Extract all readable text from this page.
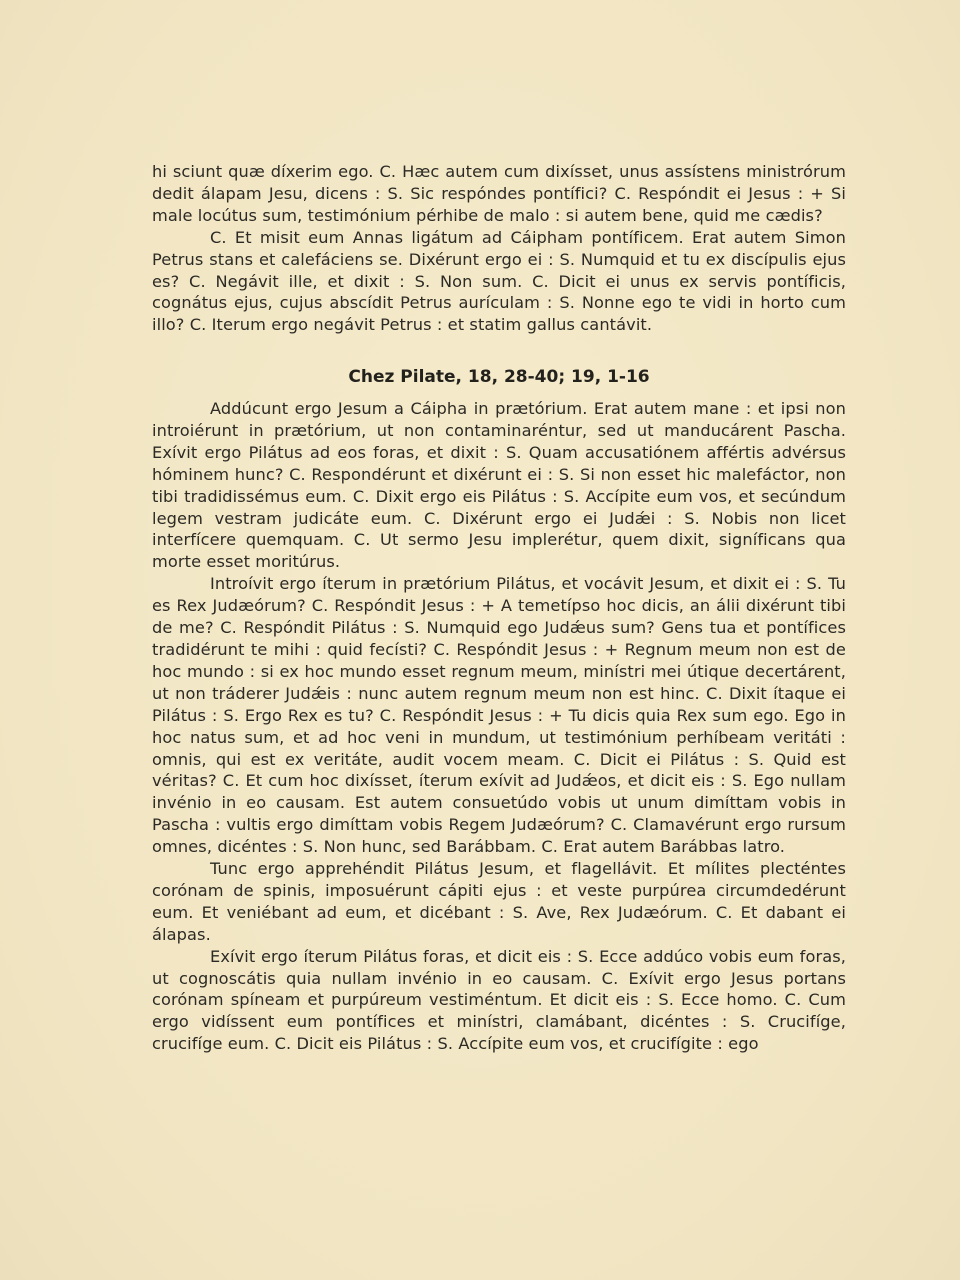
hi sciunt quæ díxerim ego. C. Hæc autem cum dixísset, unus assístens ministrórum dedit álapam Jesu, dicens : S. Sic respóndes pontífici? C. Respóndit ei Jesus : + Si male locútus sum, testimónium pérhibe de malo : si autem bene, quid me cædis?

C. Et misit eum Annas ligátum ad Cáipham pontíficem. Erat autem Simon Petrus stans et calefáciens se. Dixérunt ergo ei : S. Numquid et tu ex discípulis ejus es? C. Negávit ille, et dixit : S. Non sum. C. Dicit ei unus ex servis pontíficis, cognátus ejus, cujus abscídit Petrus aurículam : S. Nonne ego te vidi in horto cum illo? C. Iterum ergo negávit Petrus : et statim gallus cantávit.

Chez Pilate, 18, 28-40; 19, 1-16

Addúcunt ergo Jesum a Cáipha in prætórium. Erat autem mane : et ipsi non introiérunt in prætórium, ut non contaminaréntur, sed ut manducárent Pascha. Exívit ergo Pilátus ad eos foras, et dixit : S. Quam accusatiónem affértis advérsus hóminem hunc? C. Respondérunt et dixérunt ei : S. Si non esset hic malefáctor, non tibi tradidissémus eum. C. Dixit ergo eis Pilátus : S. Accípite eum vos, et secúndum legem vestram judicáte eum. C. Dixérunt ergo ei Judǽi : S. Nobis non licet interfícere quemquam. C. Ut sermo Jesu implerétur, quem dixit, signíficans qua morte esset moritúrus.

Introívit ergo íterum in prætórium Pilátus, et vocávit Jesum, et dixit ei : S. Tu es Rex Judæórum? C. Respóndit Jesus : + A temetípso hoc dicis, an álii dixérunt tibi de me? C. Respóndit Pilátus : S. Numquid ego Judǽus sum? Gens tua et pontífices tradidérunt te mihi : quid fecísti? C. Respóndit Jesus : + Regnum meum non est de hoc mundo : si ex hoc mundo esset regnum meum, minístri mei útique decertárent, ut non tráderer Judǽis : nunc autem regnum meum non est hinc. C. Dixit ítaque ei Pilátus : S. Ergo Rex es tu? C. Respóndit Jesus : + Tu dicis quia Rex sum ego. Ego in hoc natus sum, et ad hoc veni in mundum, ut testimónium perhíbeam veritáti : omnis, qui est ex veritáte, audit vocem meam. C. Dicit ei Pilátus : S. Quid est véritas? C. Et cum hoc dixísset, íterum exívit ad Judǽos, et dicit eis : S. Ego nullam invénio in eo causam. Est autem consuetúdo vobis ut unum dimíttam vobis in Pascha : vultis ergo dimíttam vobis Regem Judæórum? C. Clamavérunt ergo rursum omnes, dicéntes : S. Non hunc, sed Barábbam. C. Erat autem Barábbas latro.

Tunc ergo apprehéndit Pilátus Jesum, et flagellávit. Et mílites plecténtes corónam de spinis, imposuérunt cápiti ejus : et veste purpúrea circumdedérunt eum. Et veniébant ad eum, et dicébant : S. Ave, Rex Judæórum. C. Et dabant ei álapas.

Exívit ergo íterum Pilátus foras, et dicit eis : S. Ecce addúco vobis eum foras, ut cognoscátis quia nullam invénio in eo causam. C. Exívit ergo Jesus portans corónam spíneam et purpúreum vestiméntum. Et dicit eis : S. Ecce homo. C. Cum ergo vidíssent eum pontífices et minístri, clamábant, dicéntes : S. Crucifíge, crucifíge eum. C. Dicit eis Pilátus : S. Accípite eum vos, et crucifígite : ego
